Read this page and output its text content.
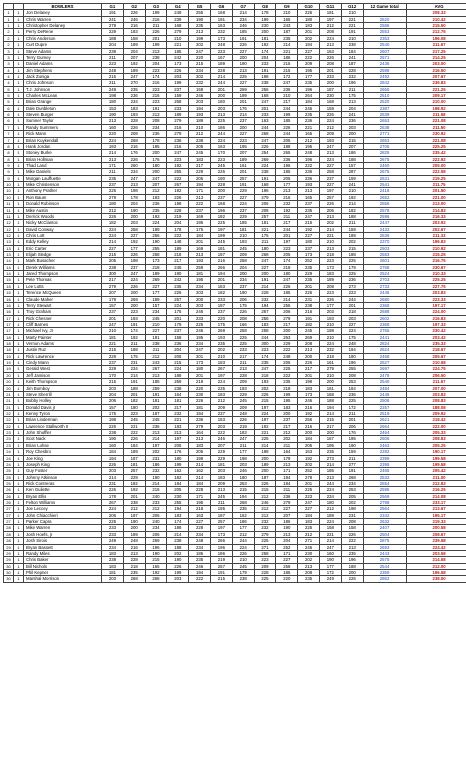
		BOWLERS	G1	G2	G3	G4	G5	G6	G7	G8	G9	G10	G11	G12	12 Game total	AVG
1	1	Jon Delaney	191	226	199	249	255	168	214	178	210	226	181	210		208.33
1	1	Chris Warren	241	246	216	239	190	191	234	199	165	180	197	221	2520	210.42
1	1	Christopher Delaney	279	216	211	168	235	163	246	230	243	183	212	221	2586	215.50
2	1	Perry DeRene	229	183	226	279	213	232	185	200	187	201	208	191	2553	212.75
2	1	Chris Anderson	188	158	201	210	199	173	191	181	235	202	224	210	2353	196.08
2	1	Curt Dupre	204	189	199	221	202	248	226	192	214	194	213	238	2540	211.67
3	1	Steve Adams	239	204	213	185	247	223	227	174	221	227	163	184	2607	217.25
3	1	Terry Gurney	211	207	238	242	220	167	200	204	186	222	226	241	2571	214.25
3	1	Daniel Adams	223	192	204	173	215	189	190	233	215	209	208	187	2436	203.00
4	1	Jim Stephens	248	189	223	226	234	228	213	191	215	195	201	228	2598	216.50
4	1	Jack Zuniga	215	247	174	203	202	214	225	198	172	177	233	232	2492	207.67
4	1	Chris Johnson	211	270	216	199	232	244	227	238	247	235	200	196	2842	236.83
5	1	T.J. Johnson	249	235	223	237	158	201	269	256	236	196	187	211	2655	221.25
5	1	Charles McLean	198	236	216	159	246	200	199	168	210	264	230	175	2510	209.17
5	1	Brian Grange	180	234	223	258	203	180	201	247	217	184	168	213	2520	210.00
6	1	Dale Dunbleton	153	183	191	233	194	203	176	201	244	246	159	204	2387	198.92
6	1	Steven Burger	190	193	213	189	193	213	214	233	199	235	226	241	2539	211.58
6	1	Sumner Taylor	213	228	208	279	189	225	237	163	185	236	224	236	2653	221.08
7	1	Randy Summers	160	226	234	216	210	186	200	244	226	221	212	203	2538	211.50
7	1	Rick Mann	220	208	236	279	212	244	227	268	244	165	209	200	2771	230.92
7	1	Brian Kuykendall	224	268	178	236	238	224	223	247	205	212	193	215	2653	221.08
8	1	Hank Jordan	193	216	195	216	205	163	195	226	188	195	247	207	2705	225.25
8	1	Stoney Burke	214	176	200	247	245	170	207	254	265	248	213	186	2825	235.42
8	1	Brian Hollman	213	226	176	223	183	223	189	269	236	196	224	188	2675	222.92
9	1	Thad Land	171	260	180	192	217	245	161	224	196	222	227	157	2460	205.00
9	1	Mike Daniels	211	234	200	255	229	226	201	238	185	236	258	287	2675	222.58
9	1	Morgan Lauffuette	235	247	247	222	205	190	257	191	205	236	237	159	2631	219.25
10	1	Mike Christenson	237	213	207	267	194	228	191	168	177	193	227	241	2541	211.75
10	1	Anthony Prather	225	198	212	192	171	200	229	196	213	213	197	210	2418	201.50
10	1	Ron Baum	279	178	183	226	213	237	227	279	216	165	257	192	2652	221.00
11	1	Donald Robinson	180	204	236	198	222	168	224	206	232	237	226	214	2556	213.00
11	1	Mike Austin	212	190	235	228	237	196	237	208	192	235	206	182	2578	214.83
11	1	Derrick Woods	226	200	193	219	169	182	229	257	211	247	213	188	2596	216.33
12	1	Nicky McClantoc	182	203	224	204	195	225	185	181	217	215	202	211	2447	203.92
12	1	David Conway	224	258	189	178	175	197	181	221	244	192	214	159	2432	202.67
12	1	Chris Lott	224	227	256	222	184	199	210	175	201	227	221	189	2536	211.33
13	1	Eddy Kelley	214	192	190	148	201	245	193	211	197	180	210	202	2370	196.83
13	1	Eric Carter	227	177	255	189	169	181	245	180	223	237	213	215	2503	210.92
13	1	Elijah Sledge	215	226	258	218	213	187	209	268	205	173	218	188	2583	215.25
14	1	Mark Busacher	205	198	173	217	193	216	258	247	174	252	223	225	2601	216.75
14	1	Derek Williams	238	237	218	245	259	266	204	227	218	235	173	179	2768	230.67
14	1	Jared Thompson	300	247	189	190	181	194	200	200	180	229	183	225	2524	210.33
15	1	Pete Thomas	217	224	269	242	195	201	234	191	247	235	189	236	2703	225.25
15	1	Lee Lotts	279	226	227	235	234	183	237	214	226	201	208	273	2733	227.75
15	1	Terence McQueen	207	200	177	226	203	182	190	228	185	226	223	223	2446	203.83
16	1	Claude Maher	179	269	189	257	200	233	206	232	214	231	226	244	2680	223.33
16	1	Terry Stewart	157	200	157	224	203	187	175	194	255	238	177	201	2368	197.17
16	1	Troy Graham	237	223	234	175	246	237	226	267	206	216	203	218	2688	224.00
17	1	Rick Chesner	201	193	245	201	233	220	208	256	279	191	193	203	2602	216.83
17	1	Cliff Barnes	247	191	210	179	225	175	166	183	217	182	210	227	2368	197.33
17	1	Michael Ivy, Jr	210	174	227	237	246	268	258	258	200	245	198	224	2765	230.42
18	1	Marty Painter	181	192	181	158	195	193	225	244	263	269	210	175	2441	203.42
18	1	Vernon Adams	221	211	238	236	234	235	225	300	229	208	224	248	2824	235.33
18	1	Justin Ruz	215	188	211	204	247	202	233	223	222	213	232	194	2624	218.67
19	1	Rick Lawrence	228	175	212	205	201	210	217	174	248	200	218	180	2468	205.67
19	1	Cindy Mann	237	231	243	215	173	183	211	235	206	226	161	196	2527	210.58
19	1	Gerald West	229	234	267	224	180	267	213	247	225	217	279	255	2697	224.75
20	1	Jeff Jamison	170	214	213	188	201	197	228	218	222	201	210	208	2478	206.50
20	1	Keith Thompson	215	191	185	259	219	224	209	193	235	198	200	253	2540	211.67
20	1	Jim Bomboy	203	188	259	238	220	235	193	202	218	183	161	184	2484	207.00
21	1	Steve Sherrill	204	201	191	164	230	183	229	226	199	173	168	236	2446	203.83
21	1	Bobby Holley	206	182	181	181	226	212	245	215	195	246	188	225	2506	208.83
21	1	Donald Davis jr	157	180	202	217	181	209	209	197	183	216	194	172	2257	188.08
22	1	Kenny Tyron	175	223	187	232	194	237	248	224	200	192	214	211	2519	209.92
22	1	Brian Linderman	198	245	245	221	236	153	226	197	237	256	215	201	2621	218.42
22	1	Lawrence Stallworth II	226	221	236	183	279	203	219	192	217	216	217	206	2664	222.00
23	1	John Shuffler	238	222	213	213	164	222	183	221	212	200	200	176	2464	205.33
23	1	Scot Nack	190	226	214	197	213	246	247	225	202	184	167	195	2506	208.83
23	1	Brian Lohse	160	184	197	205	183	207	211	214	211	205	195	190	2463	205.25
24	1	Roy Chesbro	184	189	202	176	205	229	177	198	164	163	235	159	2282	190.17
24	1	Joe King	194	187	231	180	199	229	198	200	179	192	273	211	2399	199.58
24	1	Joseph King	226	181	186	199	214	181	203	189	213	202	214	277	2395	199.58
25	1	Guy Foster	203	257	232	162	162	203	246	200	171	252	186	191	2465	205.42
25	1	Johnny Atkinson	214	229	190	182	214	183	180	187	194	278	213	268	2532	211.00
25	1	Rick Contreras	231	182	214	184	184	209	253	226	184	201	244	234	2554	212.83
26	1	Ken Guilette	226	192	215	205	228	213	215	215	211	225	224	253	2595	216.25
26	1	Bryan Ellis	178	201	240	230	171	245	194	212	236	223	234	205	2569	214.08
26	1	Felton Williams	267	238	233	255	195	211	268	246	279	247	180	202	2798	233.17
27	1	Joe Leccey	224	212	212	194	218	195	235	212	227	227	212	198	2564	213.67
27	1	John Chiacchieri	206	197	206	183	163	187	162	212	207	184	189	231	2342	195.17
27	1	Parker Capra	225	190	240	174	227	257	186	232	186	183	224	208	2632	219.33
28	1	Mike Warren	233	200	234	188	228	197	177	232	190	225	158	158	2407	200.58
28	1	Josh Hoefs, jr	233	189	206	214	234	173	212	279	213	212	221	226	2504	208.67
28	1	Josh Sirois	249	248	269	238	248	266	244	225	204	271	214	222	2875	239.58
29	1	Bryan Bassett	234	216	196	188	234	196	224	271	252	246	247	213	2693	224.42
29	1	Randy Miles	183	213	190	202	186	186	226	258	171	230	160	235	2443	203.58
29	1	Chris Baker	238	228	215	190	235	219	210	223	227	202	190	196	2575	214.58
30	1	Bill Nichols	183	218	165	226	246	257	245	209	258	213	177	188	2544	212.00
30	1	Phil Kepner	181	235	192	199	194	191	179	228	185	208	172	200	2359	196.58
30	1	Marshal Morrison	203	268	268	203	222	215	238	225	220	235	249	226	2862	238.50
